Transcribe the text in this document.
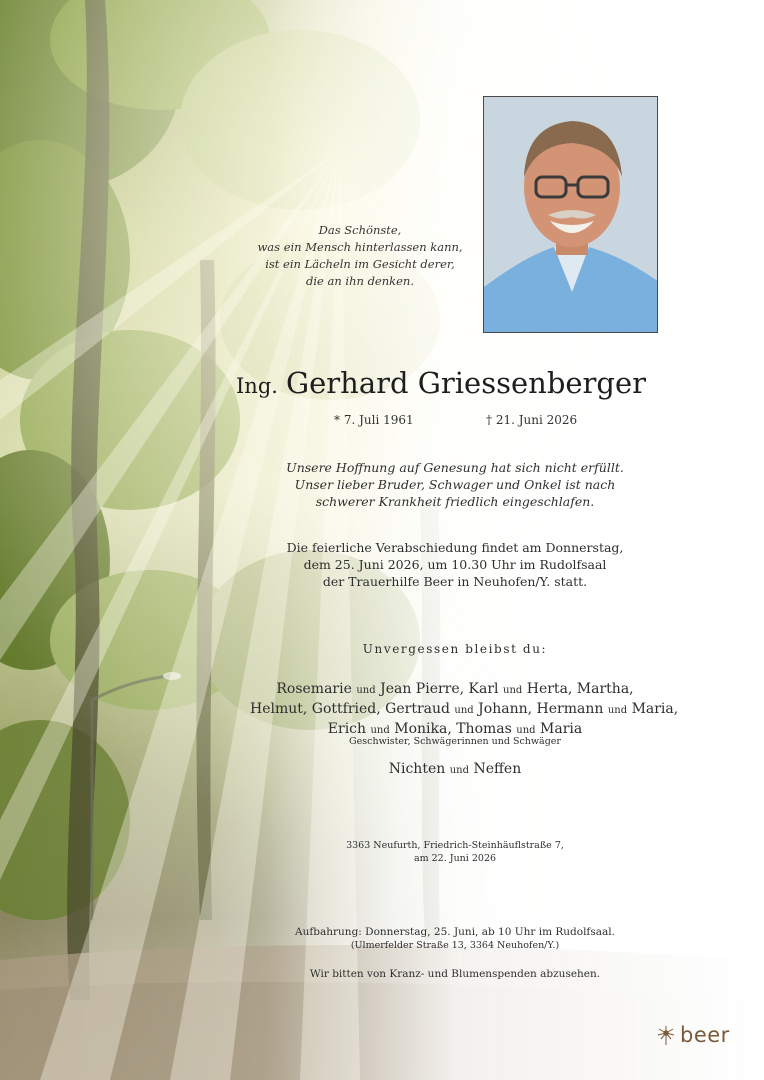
Das Schönste,
was ein Mensch hinterlassen kann,
ist ein Lächeln im Gesicht derer,
die an ihn denken.
Ing. Gerhard Griessenberger
* 7. Juli 1961	† 21. Juni 2026
Unsere Hoffnung auf Genesung hat sich nicht erfüllt.
Unser lieber Bruder, Schwager und Onkel ist nach
schwerer Krankheit friedlich eingeschlafen.
Die feierliche Verabschiedung findet am Donnerstag,
dem 25. Juni 2026, um 10.30 Uhr im Rudolfsaal
der Trauerhilfe Beer in Neuhofen/Y. statt.
Unvergessen bleibst du:
Rosemarie und Jean Pierre, Karl und Herta, Martha,
Helmut, Gottfried, Gertraud und Johann, Hermann und Maria,
Erich und Monika, Thomas und Maria
Geschwister, Schwägerinnen und Schwäger
Nichten und Neffen
3363 Neufurth, Friedrich-Steinhäuflstraße 7,
am 22. Juni 2026
Aufbahrung: Donnerstag, 25. Juni, ab 10 Uhr im Rudolfsaal.
(Ulmerfelder Straße 13, 3364 Neuhofen/Y.)
Wir bitten von Kranz- und Blumenspenden abzusehen.
beer
